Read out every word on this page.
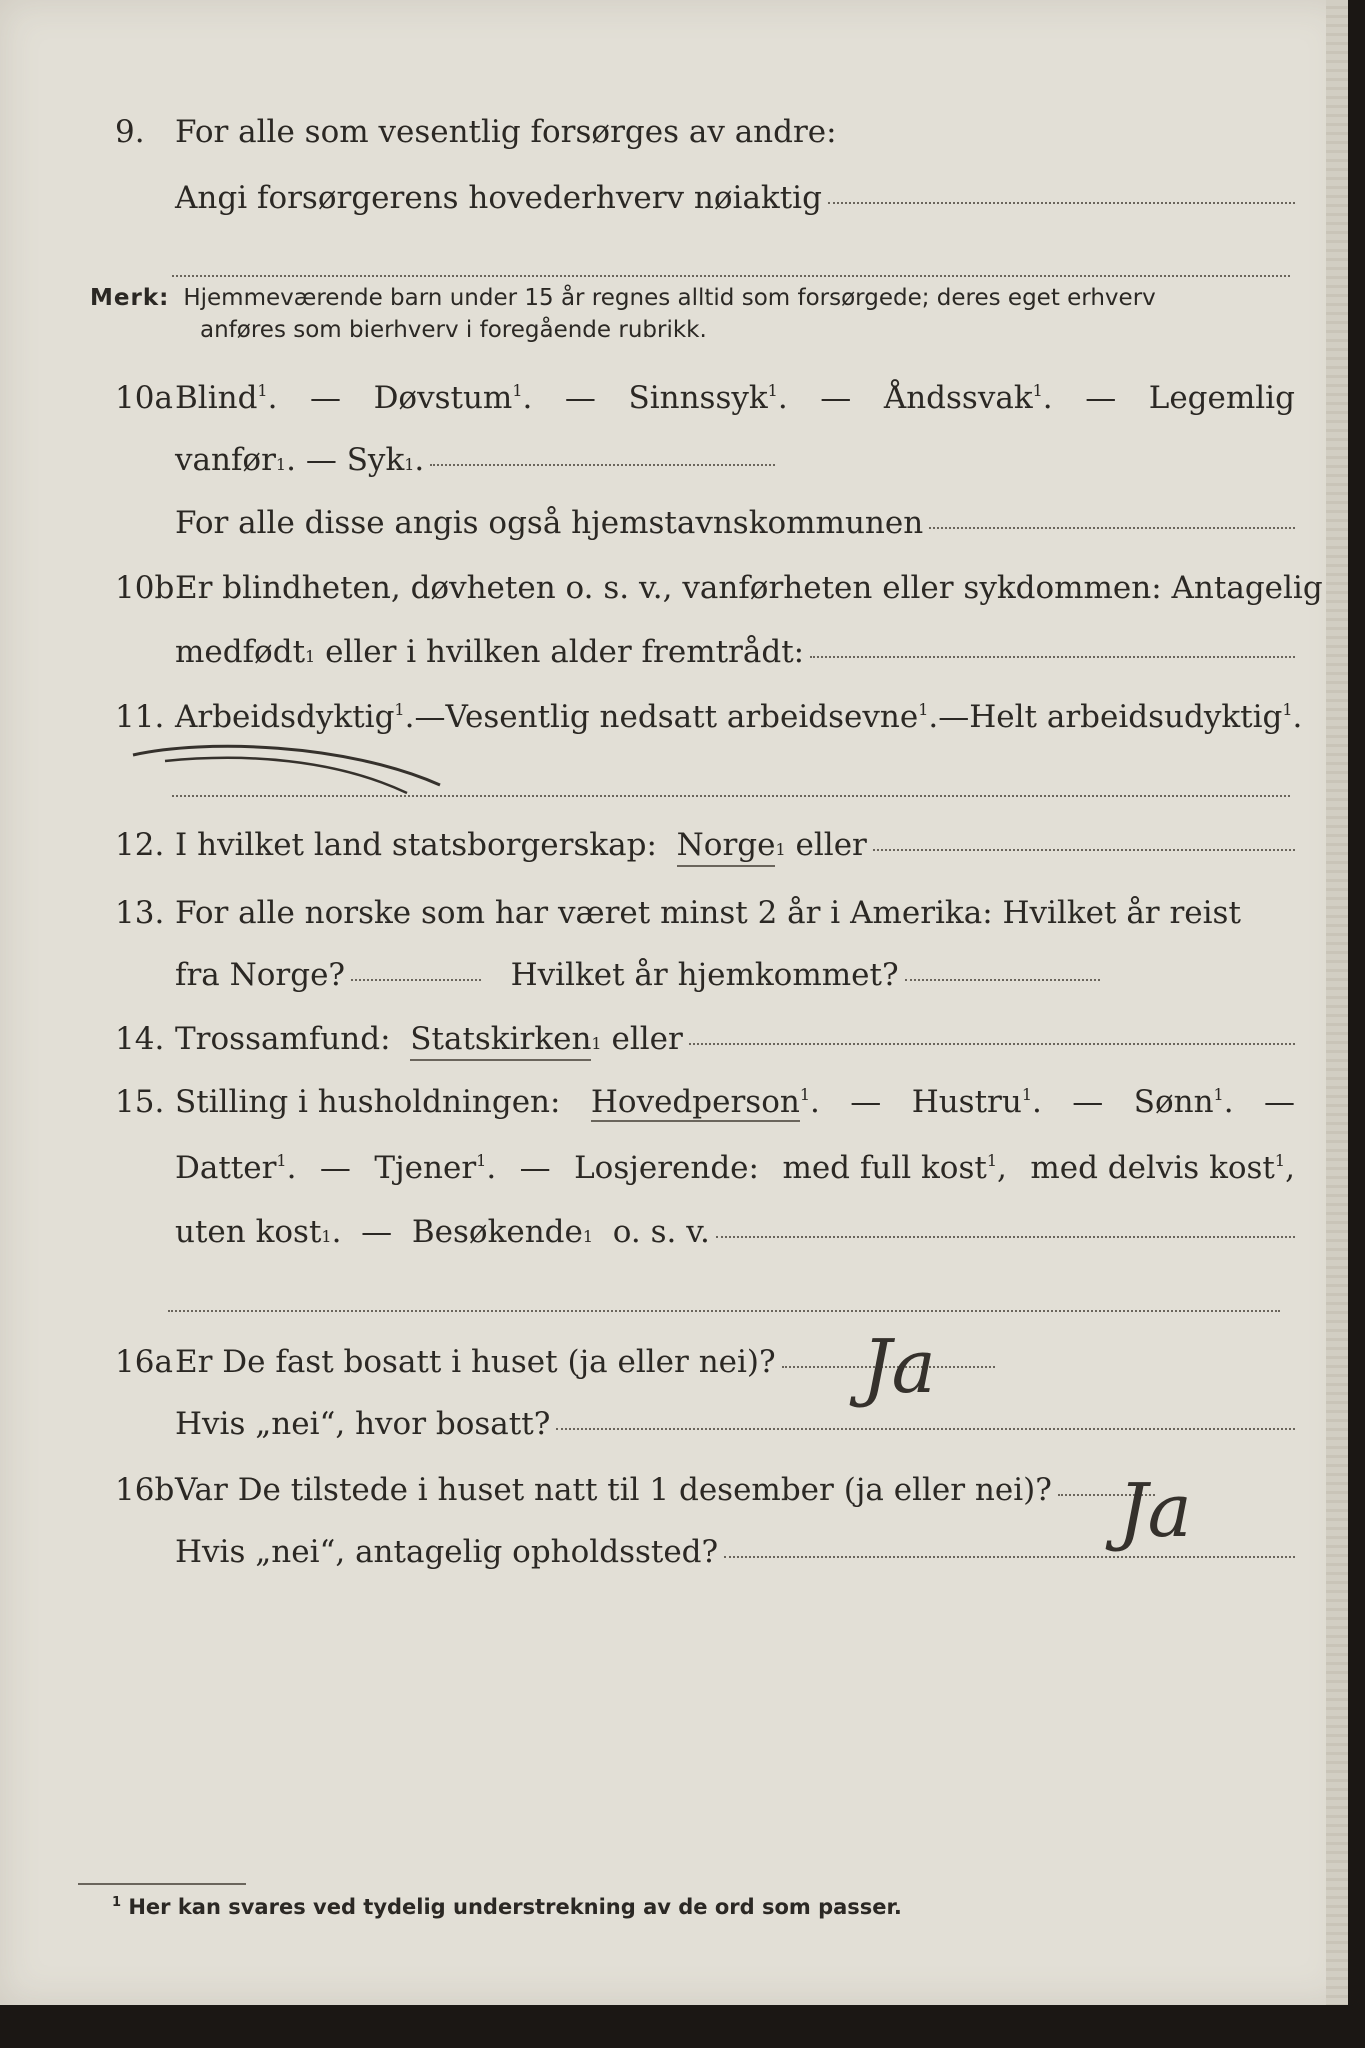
9. For alle som vesentlig forsørges av andre:
Angi forsørgerens hovederhverv nøiaktig
Merk: Hjemmeværende barn under 15 år regnes alltid som forsørgede; deres eget erhverv
anføres som bierhverv i foregående rubrikk.
10a Blind$^1$. — Døvstum$^1$. — Sinnssyk$^1$. — Åndssvak$^1$. — Legemlig
vanfør 1 . —
Syk 1 .
For alle disse angis også hjemstavnskommunen
10b Er blindheten, døvheten o. s. v., vanførheten eller sykdommen: Antagelig
medfødt 1
eller i hvilken alder fremtrådt:
11. Arbeidsdyktig$^1$. — Vesentlig nedsatt arbeidsevne$^1$. — Helt arbeidsudyktig$^1$.
12. I hvilket land statsborgerskap:
Norge 1
eller
13. For alle norske som har været minst 2 år i Amerika: Hvilket år reist
fra Norge?
	Hvilket år hjemkommet?
14. Trossamfund:
Statskirken 1
eller
15. Stilling i husholdningen: Hovedperson$^1$. — Hustru$^1$. — Sønn$^1$. —
Datter$^1$. — Tjener$^1$. — Losjerende: med full kost$^1$, med delvis kost$^1$,
uten kost 1 . —
Besøkende 1
o. s. v.
16a Er De fast bosatt i huset (ja eller nei)?
Hvis „nei“, hvor bosatt?
Ja
16b Var De tilstede i huset natt til 1 desember (ja eller nei)?
Hvis „nei“, antagelig opholdssted?	Ja
$^1$ Her kan svares ved tydelig understrekning av de ord som passer.
